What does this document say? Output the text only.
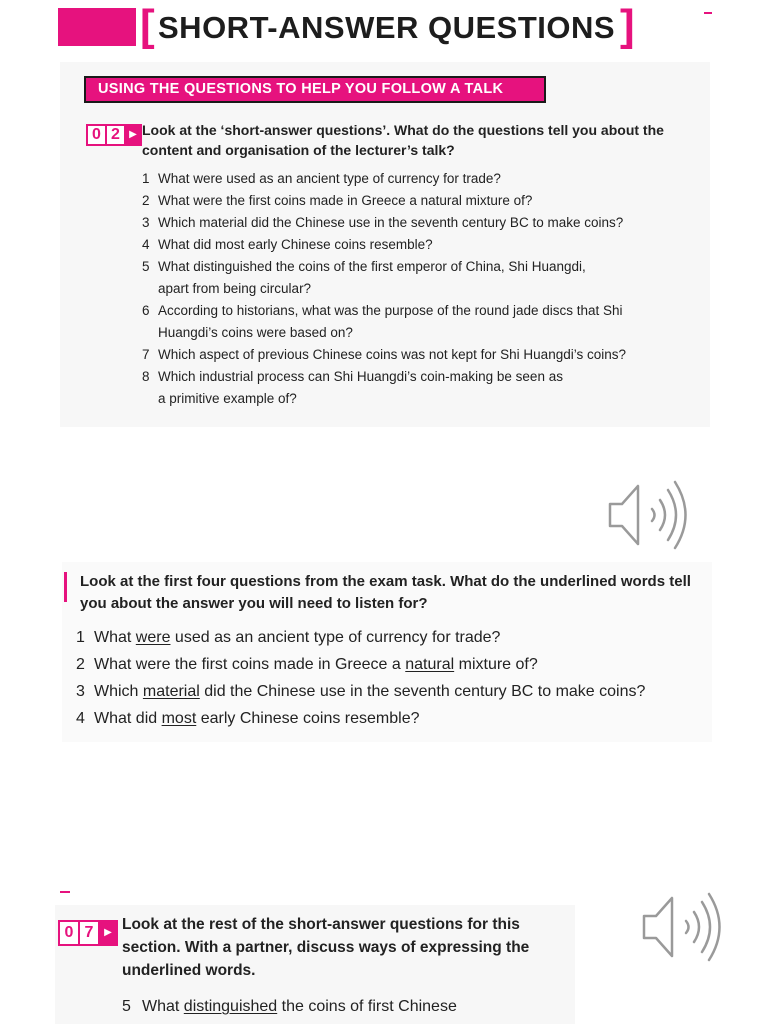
[ SHORT-ANSWER QUESTIONS ]
USING THE QUESTIONS TO HELP YOU FOLLOW A TALK
0 2 ▶ Look at the ‘short-answer questions’. What do the questions tell you about the content and organisation of the lecturer’s talk?
1 What were used as an ancient type of currency for trade?
2 What were the first coins made in Greece a natural mixture of?
3 Which material did the Chinese use in the seventh century BC to make coins?
4 What did most early Chinese coins resemble?
5 What distinguished the coins of the first emperor of China, Shi Huangdi,
apart from being circular?
6 According to historians, what was the purpose of the round jade discs that Shi
Huangdi’s coins were based on?
7 Which aspect of previous Chinese coins was not kept for Shi Huangdi’s coins?
8 Which industrial process can Shi Huangdi’s coin-making be seen as
a primitive example of?
Look at the first four questions from the exam task. What do the underlined words tell you about the answer you will need to listen for?
1 What were used as an ancient type of currency for trade?
2 What were the first coins made in Greece a natural mixture of?
3 Which material did the Chinese use in the seventh century BC to make coins?
4 What did most early Chinese coins resemble?
0 7	▶ Look at the rest of the short-answer questions for this section. With a partner, discuss ways of expressing the underlined words.
5 What distinguished the coins of first Chinese
